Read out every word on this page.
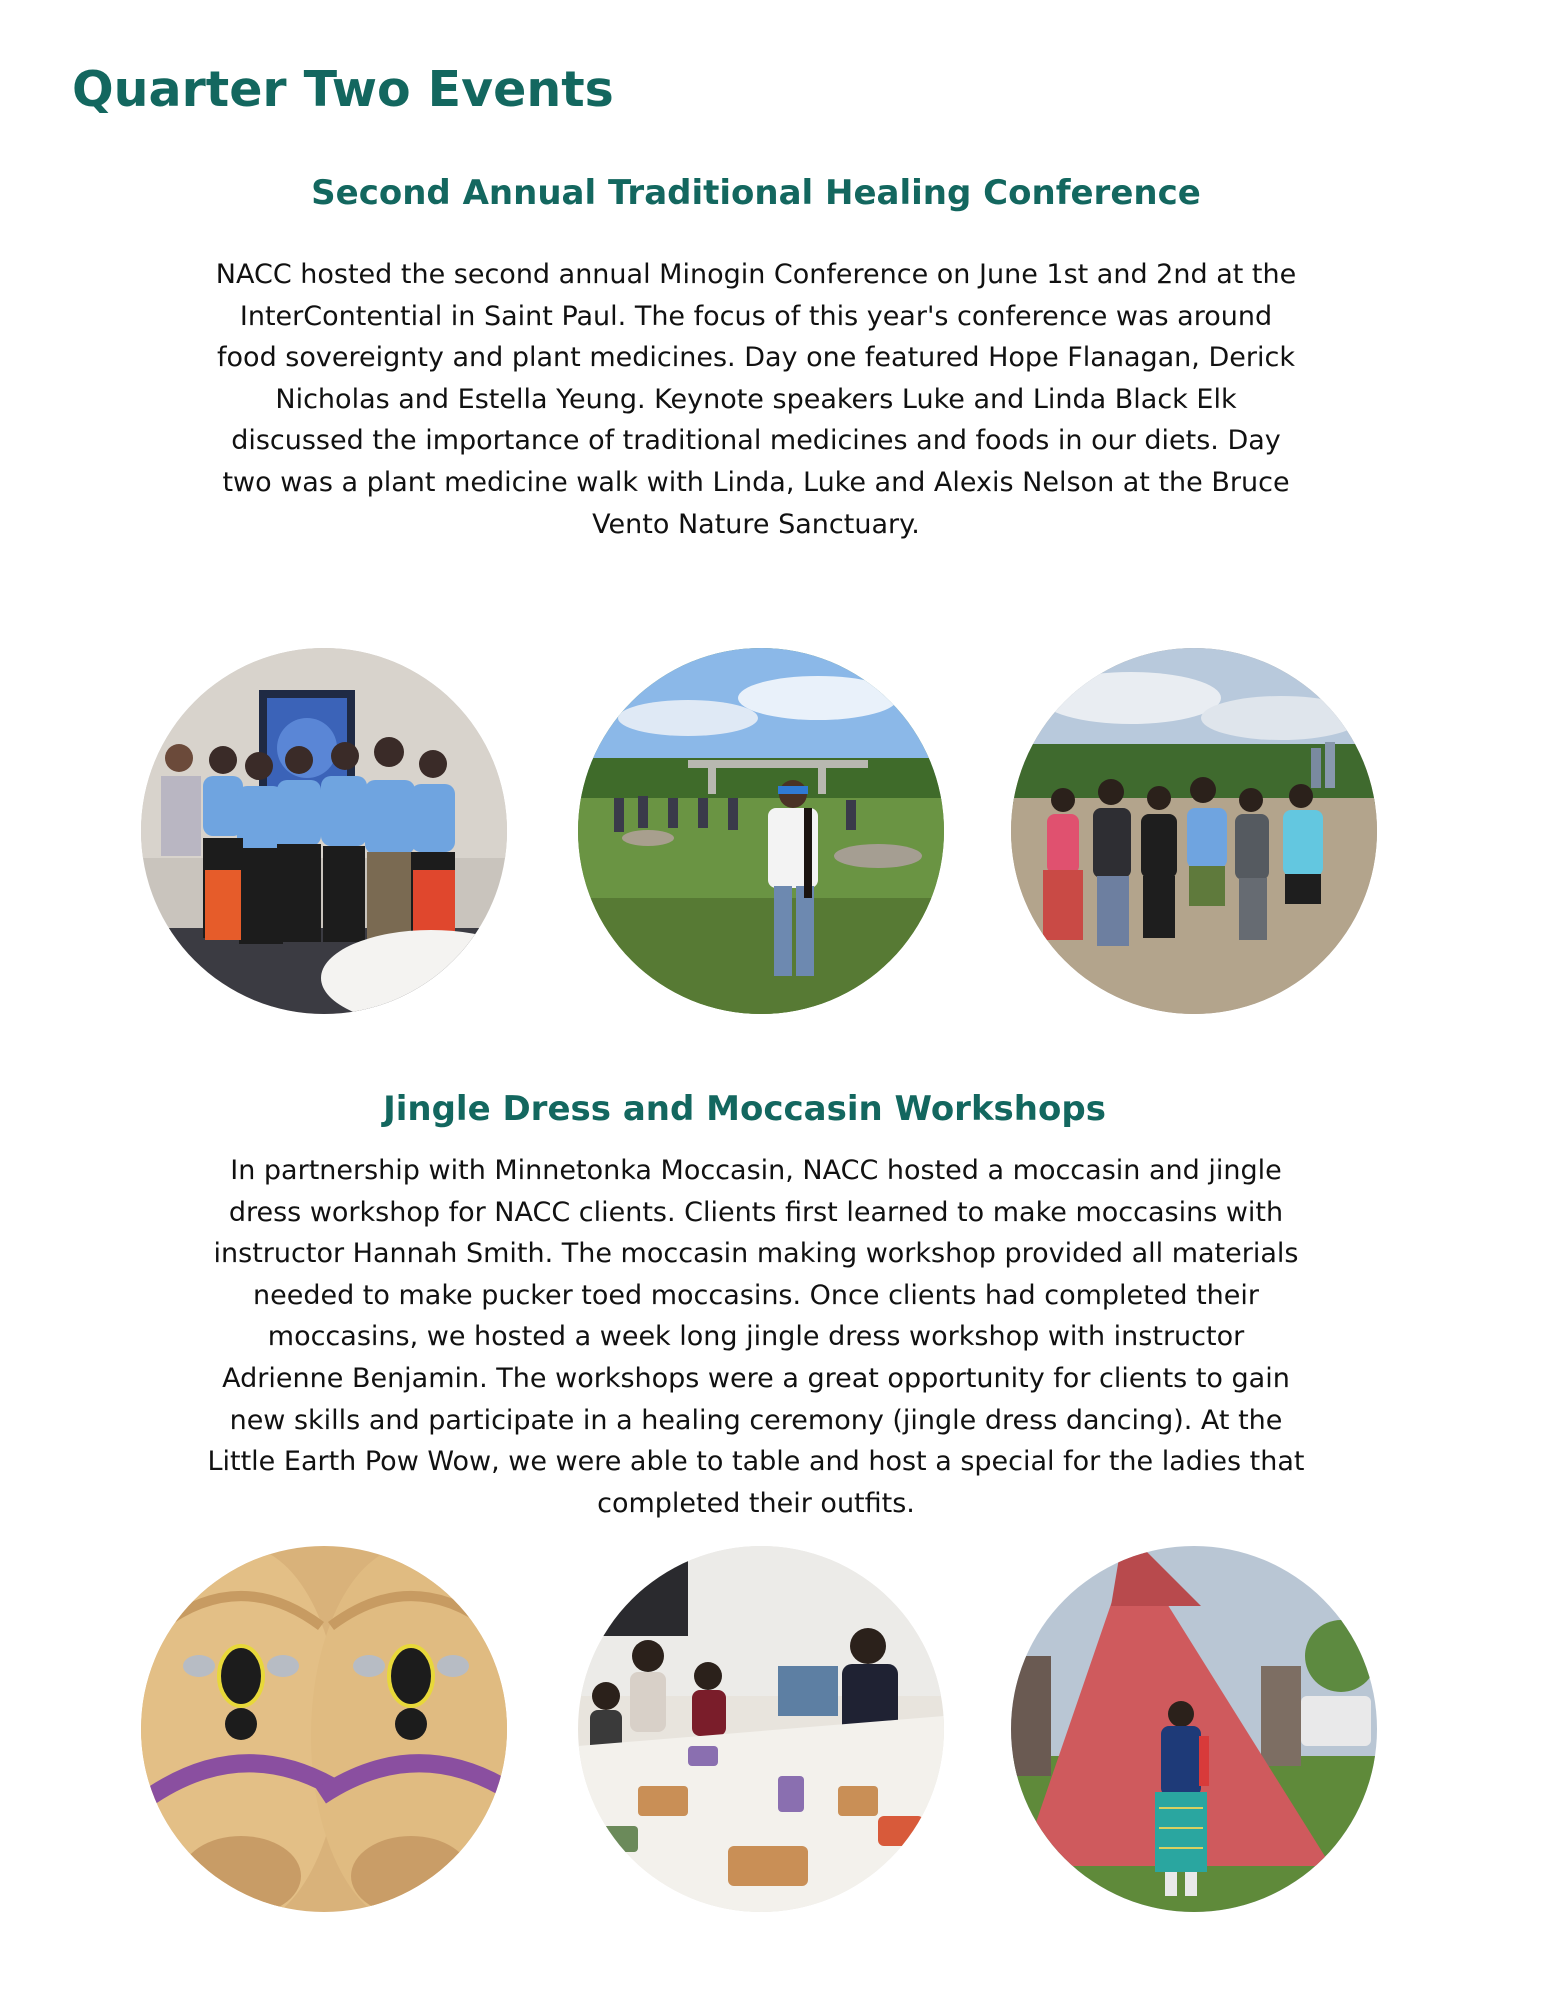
Quarter Two Events
Second Annual Traditional Healing Conference

NACC hosted the second annual Minogin Conference on June 1st and 2nd at the
InterContential in Saint Paul. The focus of this year's conference was around
food sovereignty and plant medicines. Day one featured Hope Flanagan, Derick
Nicholas and Estella Yeung. Keynote speakers Luke and Linda Black Elk
discussed the importance of traditional medicines and foods in our diets. Day
two was a plant medicine walk with Linda, Luke and Alexis Nelson at the Bruce
Vento Nature Sanctuary.

Jingle Dress and Moccasin Workshops

In partnership with Minnetonka Moccasin, NACC hosted a moccasin and jingle
dress workshop for NACC clients. Clients first learned to make moccasins with
instructor Hannah Smith. The moccasin making workshop provided all materials
needed to make pucker toed moccasins. Once clients had completed their
moccasins, we hosted a week long jingle dress workshop with instructor
Adrienne Benjamin. The workshops were a great opportunity for clients to gain
new skills and participate in a healing ceremony (jingle dress dancing). At the
Little Earth Pow Wow, we were able to table and host a special for the ladies that
completed their outfits.
